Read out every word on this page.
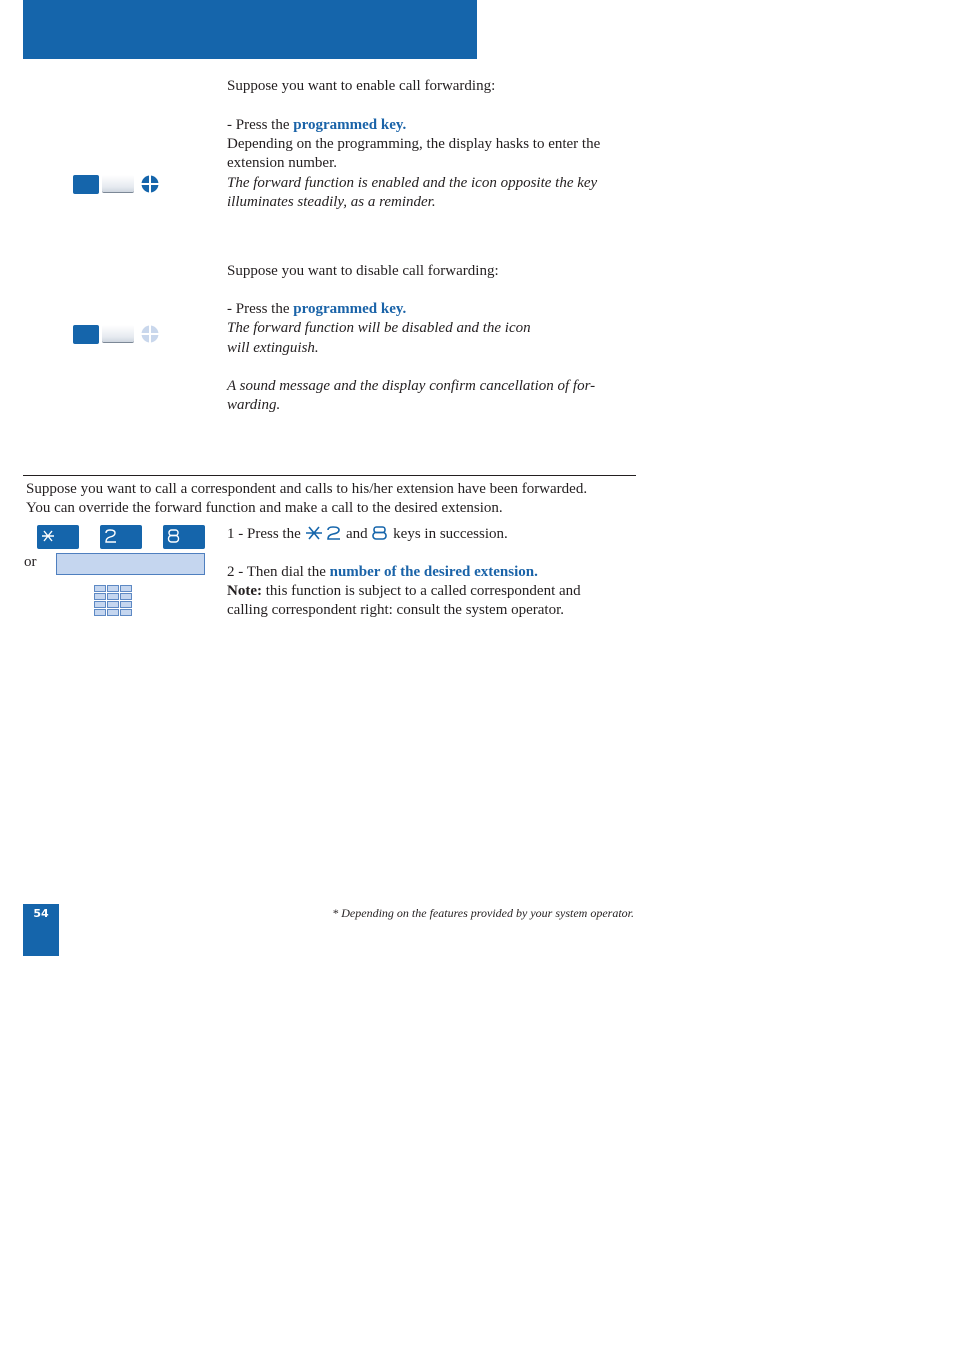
Suppose you want to enable call forwarding:
- Press the programmed key.
Depending on the programming, the display hasks to enter the
extension number.
The forward function is enabled and the icon opposite the key
illuminates steadily, as a reminder.
Suppose you want to disable call forwarding:
- Press the programmed key.
The forward function will be disabled and the icon
will extinguish.
A sound message and the display confirm cancellation of for-
warding.
Suppose you want to call a correspondent and calls to his/her extension have been forwarded.
You can override the forward function and make a call to the desired extension.
or
1 - Press the	and keys in succession.
2 - Then dial the number of the desired extension.
Note: this function is subject to a called correspondent and
calling correspondent right: consult the system operator.
54	* Depending on the features provided by your system operator.
